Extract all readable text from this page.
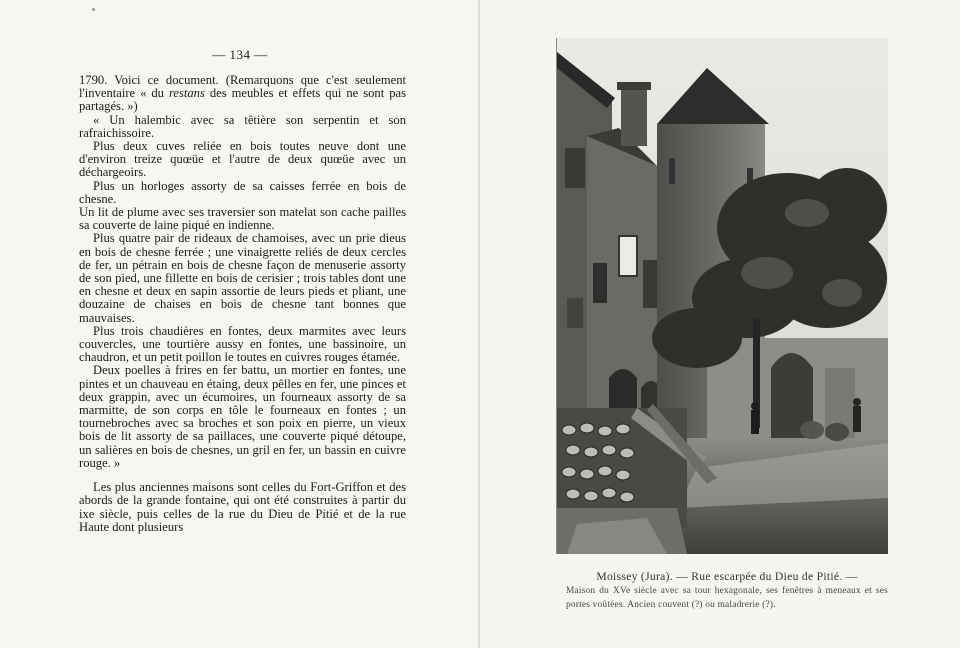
— 134 —

1790. Voici ce document. (Remarquons que c'est seulement l'inventaire « du restans des meubles et effets qui ne sont pas partagés. »)

« Un halembic avec sa têtière son serpentin et son rafraichissoire.

Plus deux cuves reliée en bois toutes neuve dont une d'environ treize quœüe et l'autre de deux quœüe avec un déchargeoirs.

Plus un horloges assorty de sa caisses ferrée en bois de chesne.

Un lit de plume avec ses traversier son matelat son cache pailles sa couverte de laine piqué en indienne.

Plus quatre pair de rideaux de chamoises, avec un prie dieus en bois de chesne ferrée ; une vinaigrette reliés de deux cercles de fer, un pétrain en bois de chesne façon de menuserie assorty de son pied, une fillette en bois de cerisier ; trois tables dont une en chesne et deux en sapin assortie de leurs pieds et pliant, une douzaine de chaises en bois de chesne tant bonnes que mauvaises.

Plus trois chaudières en fontes, deux marmites avec leurs couvercles, une tourtière aussy en fontes, une bassinoire, un chaudron, et un petit poillon le toutes en cuivres rouges étamée.

Deux poelles à frires en fer battu, un mortier en fontes, une pintes et un chauveau en étaing, deux pêlles en fer, une pinces et deux grappin, avec un écumoires, un fourneaux assorty de sa marmitte, de son corps en tôle le fourneaux en fontes ; un tournebroches avec sa broches et son poix en pierre, un vieux bois de lit assorty de sa paillaces, une couverte piqué détoupe, un salières en bois de chesnes, un gril en fer, un bassin en cuivre rouge. »

Les plus anciennes maisons sont celles du Fort-Griffon et des abords de la grande fontaine, qui ont été construites à partir du ixe siècle, puis celles de la rue du Dieu de Pitié et de la rue Haute dont plusieurs

Moissey (Jura). — Rue escarpée du Dieu de Pitié. —
Maison du XVe siècle avec sa tour hexagonale, ses fenêtres à meneaux et ses portes voûtées. Ancien couvent (?) ou maladrerie (?).
